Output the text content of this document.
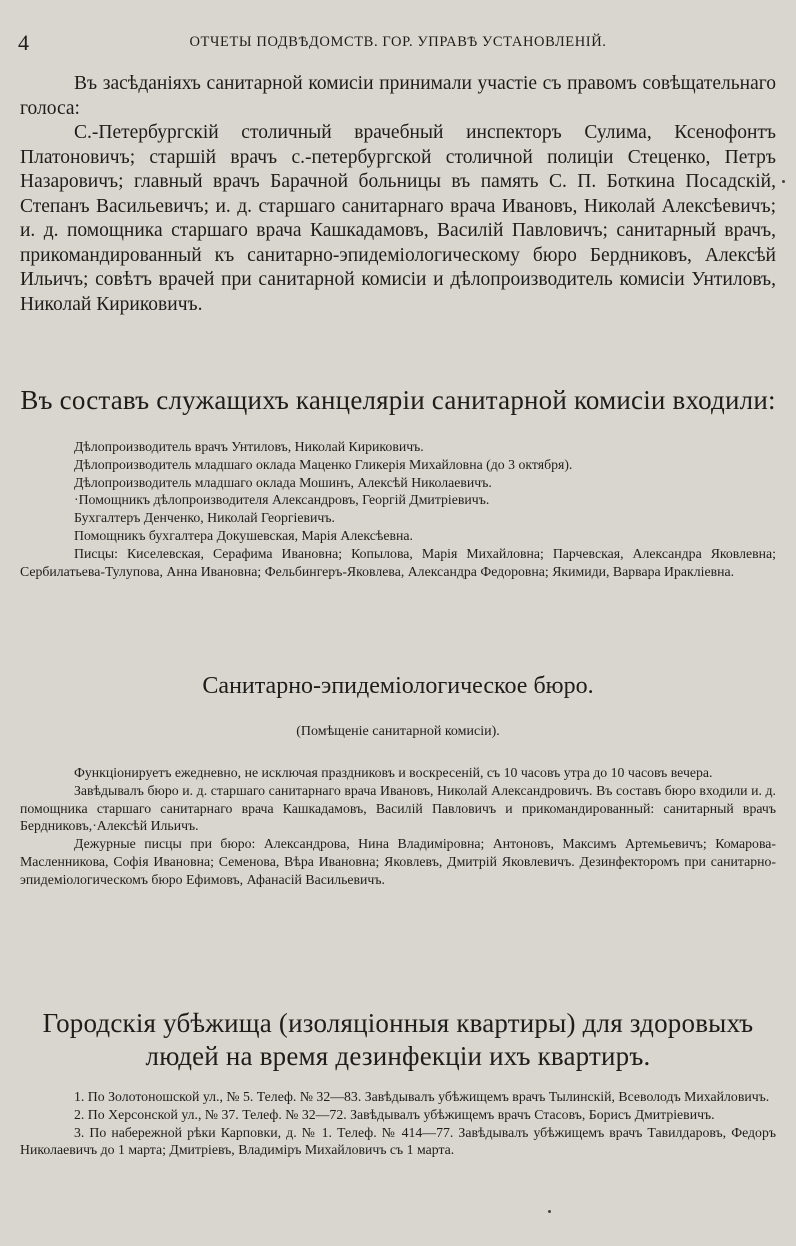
4	ОТЧЕТЫ ПОДВѢДОМСТВ. ГОР. УПРАВѢ УСТАНОВЛЕНIЙ.

Въ засѣданiяхъ санитарной комисiи принимали участiе съ правомъ совѣщательнаго голоса:

С.-Петербургскiй столичный врачебный инспекторъ Сулима, Ксенофонтъ Платоновичъ; старшiй врачъ с.-петербургской столичной полицiи Стеценко, Петръ Назаровичъ; главный врачъ Барачной больницы въ память С. П. Боткина Посадскiй, Степанъ Васильевичъ; и. д. старшаго санитарнаго врача Ивановъ, Николай Алексѣевичъ; и. д. помощника старшаго врача Кашкадамовъ, Василiй Павловичъ; санитарный врачъ, прикомандированный къ санитарно-эпидемiологическому бюро Бердниковъ, Алексѣй Ильичъ; совѣтъ врачей при санитарной комисiи и дѣлопроизводитель комисiи Унтиловъ, Николай Кириковичъ.

Въ составъ служащихъ канцелярiи санитарной комисiи входили:

Дѣлопроизводитель врачъ Унтиловъ, Николай Кириковичъ.

Дѣлопроизводитель младшаго оклада Маценко Гликерiя Михайловна (до 3 октября).

Дѣлопроизводитель младшаго оклада Мошинъ, Алексѣй Николаевичъ.

·Помощникъ дѣлопроизводителя Александровъ, Георгiй Дмитрiевичъ.

Бухгалтеръ Денченко, Николай Георгiевичъ.

Помощникъ бухгалтера Докушевская, Марiя Алексѣевна.

Писцы: Киселевская, Серафима Ивановна; Копылова, Марiя Михайловна; Парчевская, Александра Яковлевна; Сербилатьева-Тулупова, Анна Ивановна; Фельбингеръ-Яковлева, Александра Федоровна; Якимиди, Варвара Ираклiевна.

Санитарно-эпидемiологическое бюро.
(Помѣщенiе санитарной комисiи).

Функцiонируетъ ежедневно, не исключая праздниковъ и воскресенiй, съ 10 часовъ утра до 10 часовъ вечера.

Завѣдывалъ бюро и. д. старшаго санитарнаго врача Ивановъ, Николай Александровичъ. Въ составъ бюро входили и. д. помощника старшаго санитарнаго врача Кашкадамовъ, Василiй Павловичъ и прикомандированный: санитарный врачъ Бердниковъ,·Алексѣй Ильичъ.

Дежурные писцы при бюро: Александрова, Нина Владимiровна; Антоновъ, Максимъ Артемьевичъ; Комарова-Масленникова, Софiя Ивановна; Семенова, Вѣра Ивановна; Яковлевъ, Дмитрiй Яковлевичъ. Дезинфекторомъ при санитарно-эпидемiологическомъ бюро Ефимовъ, Афанасiй Васильевичъ.

Городскiя убѣжища (изоляцiонныя квартиры) для здоровыхъ
людей на время дезинфекцiи ихъ квартиръ.

1. По Золотоношской ул., № 5. Телеф. № 32—83. Завѣдывалъ убѣжищемъ врачъ Тылинскiй, Всеволодъ Михайловичъ.

2. По Херсонской ул., № 37. Телеф. № 32—72. Завѣдывалъ убѣжищемъ врачъ Стасовъ, Борисъ Дмитрiевичъ.

3. По набережной рѣки Карповки, д. № 1. Телеф. № 414—77. Завѣдывалъ убѣжищемъ врачъ Тавилдаровъ, Федоръ Николаевичъ до 1 марта; Дмитрiевъ, Владимiръ Михайловичъ съ 1 марта.
